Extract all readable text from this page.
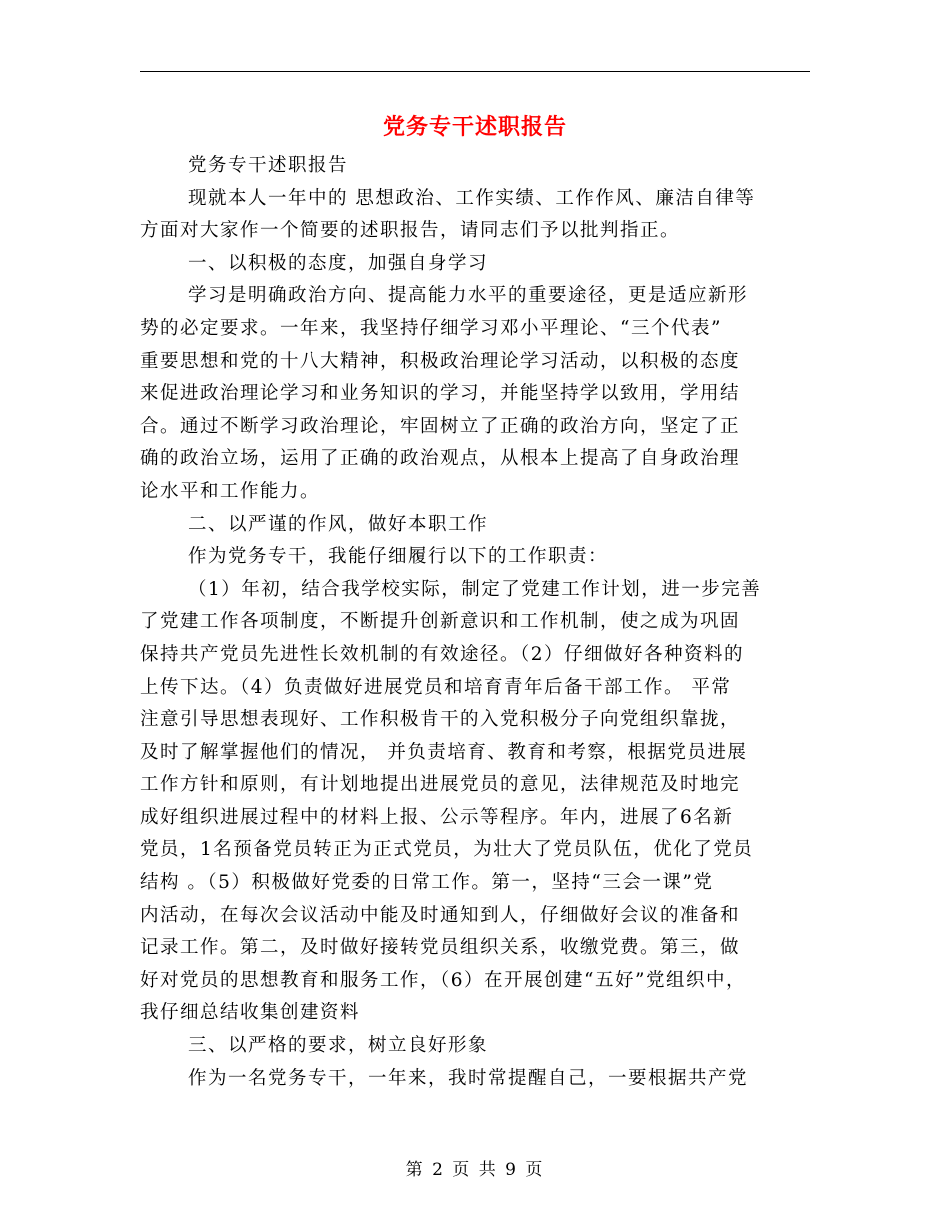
党务专干述职报告
党务专干述职报告
现就本人一年中的 思想政治、工作实绩、工作作风、廉洁自律等
方面对大家作一个简要的述职报告，请同志们予以批判指正。
一、以积极的态度，加强自身学习
学习是明确政治方向、提高能力水平的重要途径，更是适应新形
势的必定要求。一年来，我坚持仔细学习邓小平理论、“三个代表”
重要思想和党的十八大精神，积极政治理论学习活动，以积极的态度
来促进政治理论学习和业务知识的学习，并能坚持学以致用，学用结
合。通过不断学习政治理论，牢固树立了正确的政治方向，坚定了正
确的政治立场，运用了正确的政治观点，从根本上提高了自身政治理
论水平和工作能力。
二、以严谨的作风，做好本职工作
作为党务专干，我能仔细履行以下的工作职责：
（1）年初，结合我学校实际，制定了党建工作计划，进一步完善
了党建工作各项制度，不断提升创新意识和工作机制，使之成为巩固
保持共产党员先进性长效机制的有效途径。（2）仔细做好各种资料的
上传下达。（4）负责做好进展党员和培育青年后备干部工作。 平常
注意引导思想表现好、工作积极肯干的入党积极分子向党组织靠拢，
及时了解掌握他们的情况， 并负责培育、教育和考察，根据党员进展
工作方针和原则，有计划地提出进展党员的意见，法律规范及时地完
成好组织进展过程中的材料上报、公示等程序。年内，进展了6名新
党员，1名预备党员转正为正式党员，为壮大了党员队伍，优化了党员
结构 。（5）积极做好党委的日常工作。第一，坚持“三会一课”党
内活动，在每次会议活动中能及时通知到人，仔细做好会议的准备和
记录工作。第二，及时做好接转党员组织关系，收缴党费。第三，做
好对党员的思想教育和服务工作，（6）在开展创建“五好”党组织中，
我仔细总结收集创建资料
三、以严格的要求，树立良好形象
作为一名党务专干，一年来，我时常提醒自己，一要根据共产党
第 2 页 共 9 页
